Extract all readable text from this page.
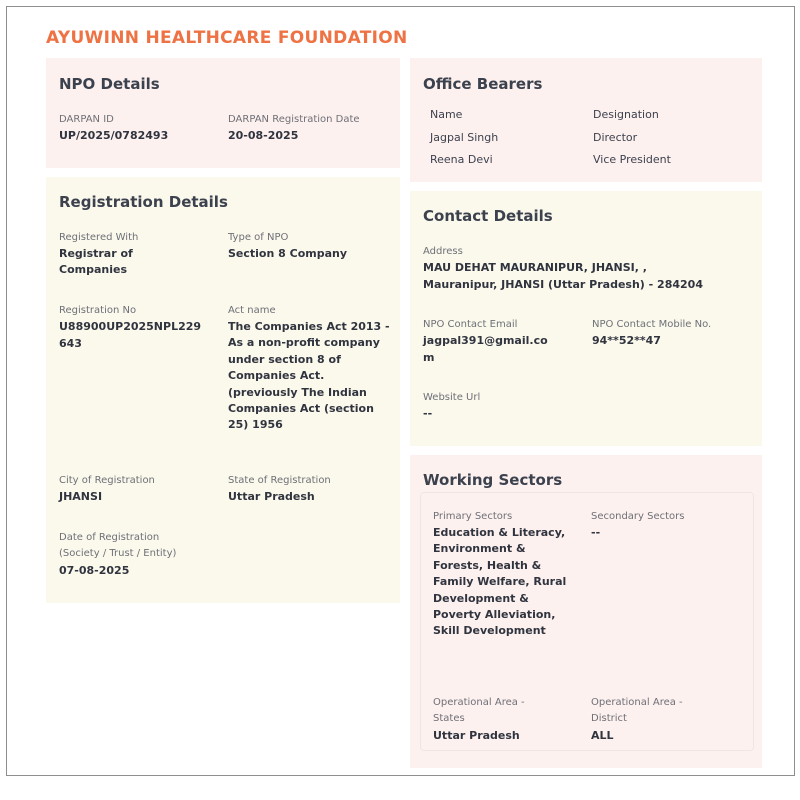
AYUWINN HEALTHCARE FOUNDATION
NPO Details
DARPAN ID
UP/2025/0782493
DARPAN Registration Date
20-08-2025
Office Bearers
Name	Designation
Jagpal Singh	Director
Reena Devi	Vice President
Registration Details
Registered With
Registrar of Companies
Type of NPO
Section 8 Company
Registration No
U88900UP2025NPL229
643
Act name
The Companies Act 2013 - As a non-profit company under section 8 of Companies Act. (previously The Indian Companies Act (section 25) 1956
City of Registration
JHANSI
State of Registration
Uttar Pradesh
Date of Registration
(Society / Trust / Entity)
07-08-2025
Contact Details
Address
MAU DEHAT MAURANIPUR, JHANSI, ,
Mauranipur, JHANSI (Uttar Pradesh) - 284204
NPO Contact Email
jagpal391@gmail.co
m
NPO Contact Mobile No.
94**52**47
Website Url
--
Working Sectors
Primary Sectors
Education & Literacy, Environment & Forests, Health & Family Welfare, Rural Development & Poverty Alleviation, Skill Development
Secondary Sectors
--
Operational Area - States
Uttar Pradesh
Operational Area - District
ALL
